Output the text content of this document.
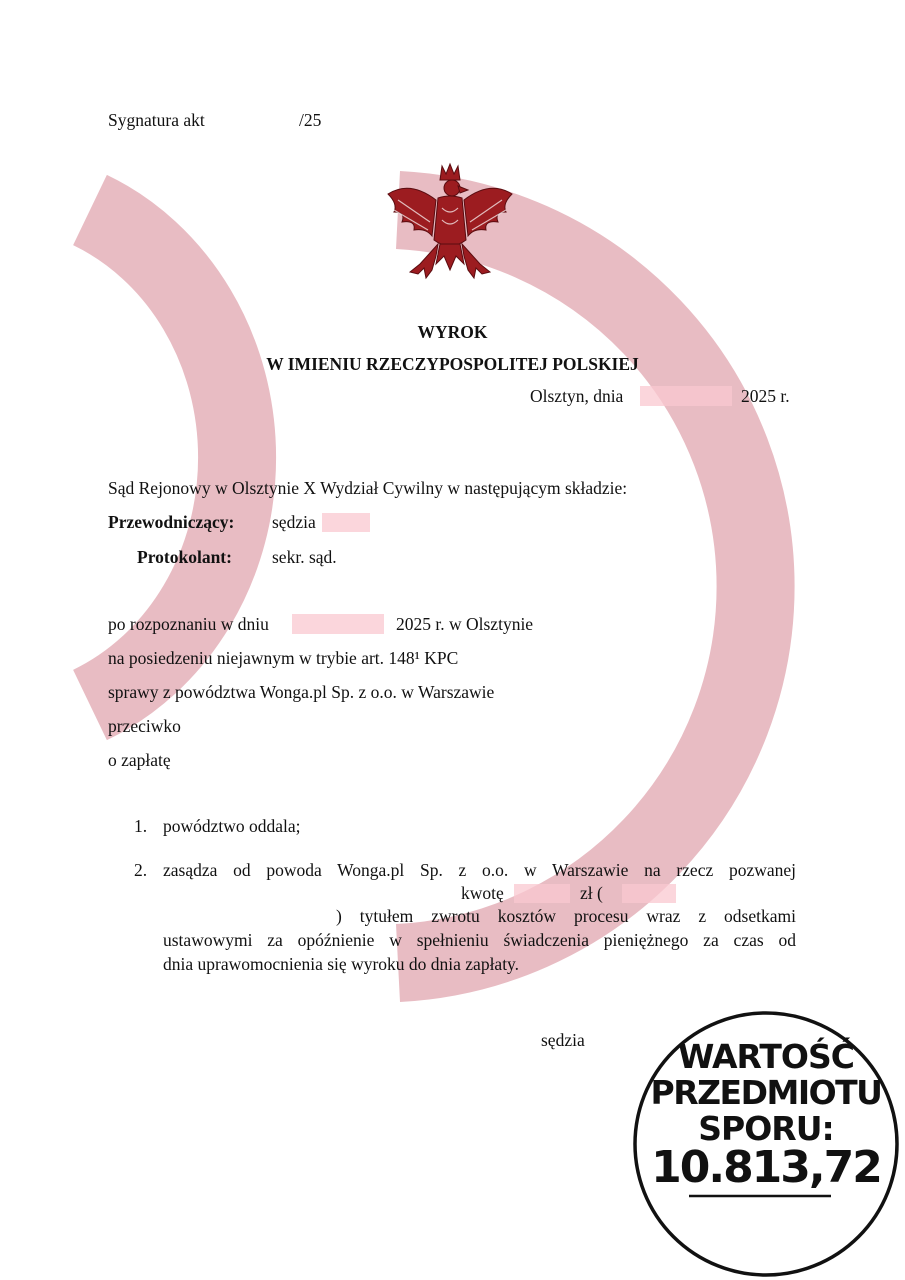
Sygnatura akt	/25
WYROK
W IMIENIU RZECZYPOSPOLITEJ POLSKIEJ
Olsztyn, dnia	2025 r.
Sąd Rejonowy w Olsztynie X Wydział Cywilny w następującym składzie:
Przewodniczący: sędzia
Protokolant: sekr. sąd.
po rozpoznaniu w dniu	2025 r. w Olsztynie
na posiedzeniu niejawnym w trybie art. 148¹ KPC
sprawy z powództwa Wonga.pl Sp. z o.o. w Warszawie
przeciwko
o zapłatę
1. powództwo oddala;
2. zasądza od powoda Wonga.pl Sp. z o.o. w Warszawie na rzecz pozwanej
kwotę	zł (
) tytułem zwrotu kosztów procesu wraz z odsetkami
ustawowymi za opóźnienie w spełnieniu świadczenia pieniężnego za czas od
dnia uprawomocnienia się wyroku do dnia zapłaty.
sędzia	WARTOŚĆ
PRZEDMIOTU
SPORU:
10.813,72
